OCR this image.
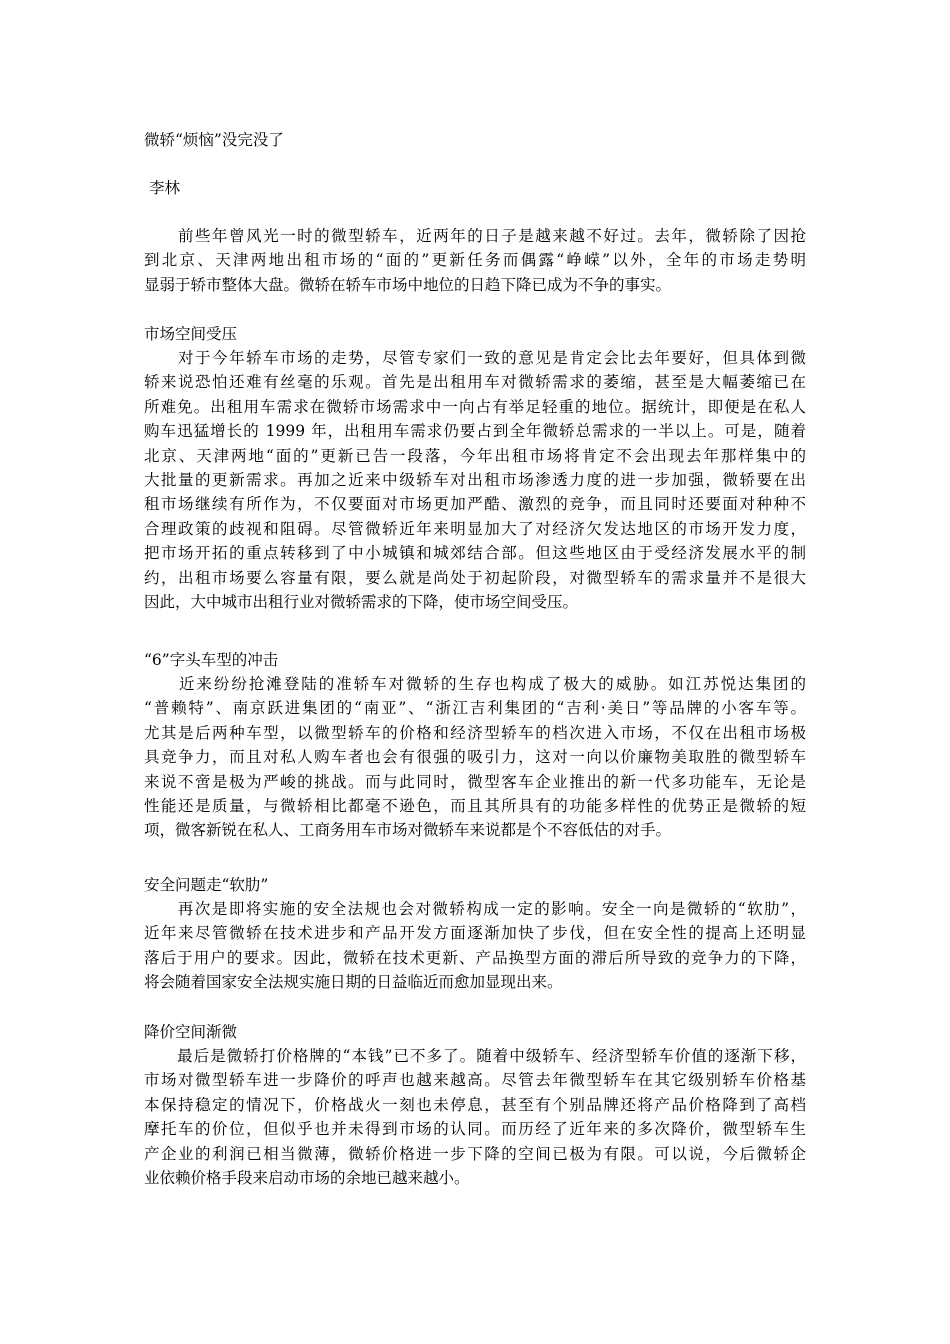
微轿“烦恼”没完没了
李林
　　前些年曾风光一时的微型轿车，近两年的日子是越来越不好过。去年，微轿除了因抢
到北京、天津两地出租市场的“面的”更新任务而偶露“峥嵘”以外，全年的市场走势明
显弱于轿市整体大盘。微轿在轿车市场中地位的日趋下降已成为不争的事实。
市场空间受压
　　对于今年轿车市场的走势，尽管专家们一致的意见是肯定会比去年要好，但具体到微
轿来说恐怕还难有丝毫的乐观。首先是出租用车对微轿需求的萎缩，甚至是大幅萎缩已在
所难免。出租用车需求在微轿市场需求中一向占有举足轻重的地位。据统计，即便是在私人
购车迅猛增长的 1999 年，出租用车需求仍要占到全年微轿总需求的一半以上。可是，随着
北京、天津两地“面的”更新已告一段落，今年出租市场将肯定不会出现去年那样集中的
大批量的更新需求。再加之近来中级轿车对出租市场渗透力度的进一步加强，微轿要在出
租市场继续有所作为，不仅要面对市场更加严酷、激烈的竞争，而且同时还要面对种种不
合理政策的歧视和阻碍。尽管微轿近年来明显加大了对经济欠发达地区的市场开发力度，
把市场开拓的重点转移到了中小城镇和城郊结合部。但这些地区由于受经济发展水平的制
约，出租市场要么容量有限，要么就是尚处于初起阶段，对微型轿车的需求量并不是很大
因此，大中城市出租行业对微轿需求的下降，使市场空间受压。
“6”字头车型的冲击
　　近来纷纷抢滩登陆的准轿车对微轿的生存也构成了极大的威胁。如江苏悦达集团的
“普赖特”、南京跃进集团的“南亚”、“浙江吉利集团的“吉利·美日”等品牌的小客车等。
尤其是后两种车型，以微型轿车的价格和经济型轿车的档次进入市场，不仅在出租市场极
具竞争力，而且对私人购车者也会有很强的吸引力，这对一向以价廉物美取胜的微型轿车
来说不啻是极为严峻的挑战。而与此同时，微型客车企业推出的新一代多功能车，无论是
性能还是质量，与微轿相比都毫不逊色，而且其所具有的功能多样性的优势正是微轿的短
项，微客新锐在私人、工商务用车市场对微轿车来说都是个不容低估的对手。
安全问题走“软肋”
　　再次是即将实施的安全法规也会对微轿构成一定的影响。安全一向是微轿的“软肋”，
近年来尽管微轿在技术进步和产品开发方面逐渐加快了步伐，但在安全性的提高上还明显
落后于用户的要求。因此，微轿在技术更新、产品换型方面的滞后所导致的竞争力的下降，
将会随着国家安全法规实施日期的日益临近而愈加显现出来。
降价空间渐微
　　最后是微轿打价格牌的“本钱”已不多了。随着中级轿车、经济型轿车价值的逐渐下移，
市场对微型轿车进一步降价的呼声也越来越高。尽管去年微型轿车在其它级别轿车价格基
本保持稳定的情况下，价格战火一刻也未停息，甚至有个别品牌还将产品价格降到了高档
摩托车的价位，但似乎也并未得到市场的认同。而历经了近年来的多次降价，微型轿车生
产企业的利润已相当微薄，微轿价格进一步下降的空间已极为有限。可以说，今后微轿企
业依赖价格手段来启动市场的余地已越来越小。
